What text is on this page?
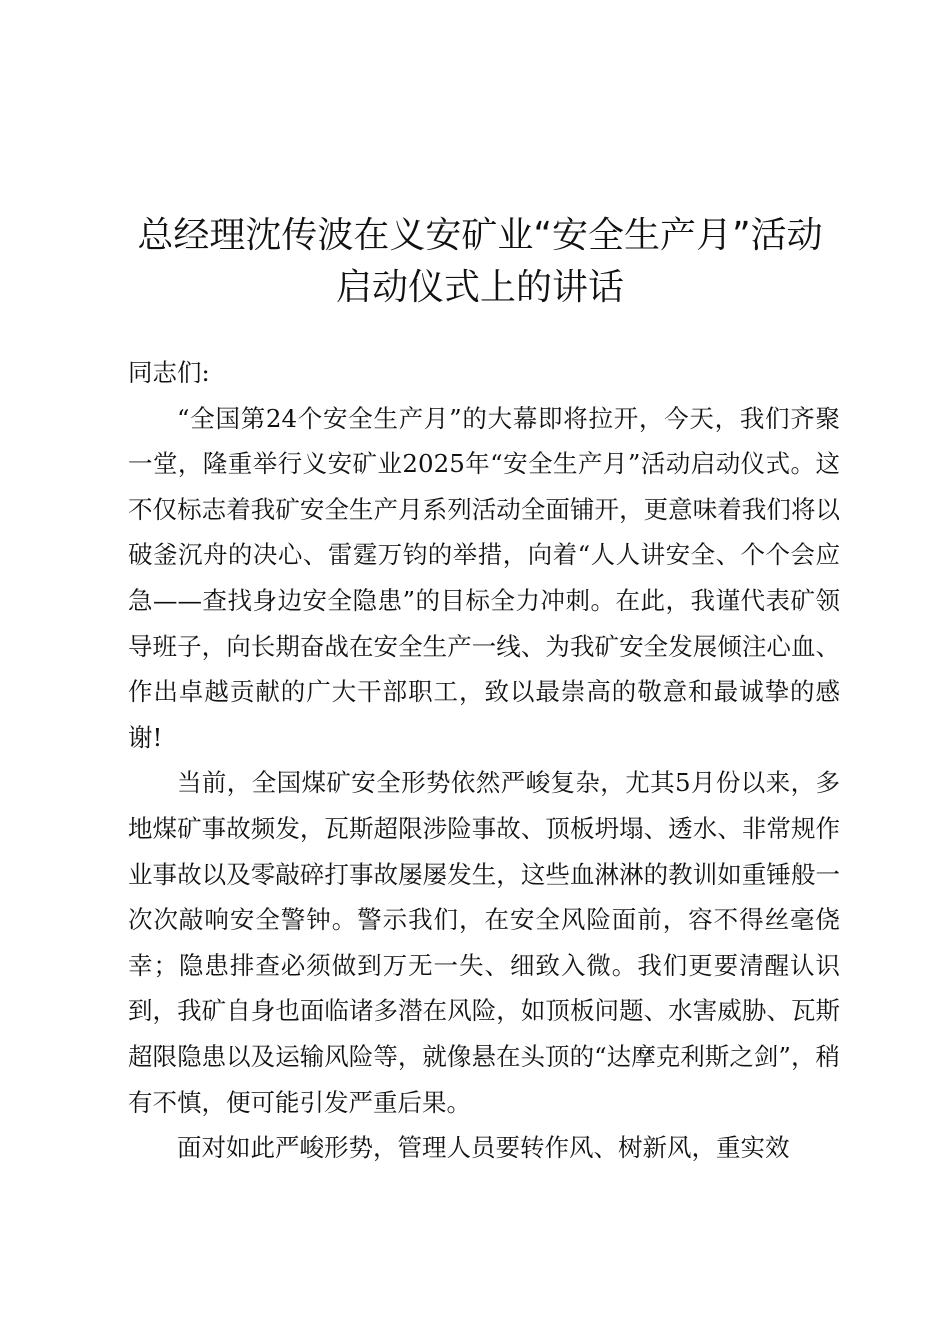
总经理沈传波在义安矿业“安全生产月”活动
启动仪式上的讲话

同志们:

“全国第24个安全生产月”的大幕即将拉开，今天，我们齐聚一堂，隆重举行义安矿业2025年“安全生产月”活动启动仪式。这不仅标志着我矿安全生产月系列活动全面铺开，更意味着我们将以破釜沉舟的决心、雷霆万钧的举措，向着“人人讲安全、个个会应急——查找身边安全隐患”的目标全力冲刺。在此，我谨代表矿领导班子，向长期奋战在安全生产一线、为我矿安全发展倾注心血、作出卓越贡献的广大干部职工，致以最崇高的敬意和最诚挚的感谢!

当前，全国煤矿安全形势依然严峻复杂，尤其5月份以来，多地煤矿事故频发，瓦斯超限涉险事故、顶板坍塌、透水、非常规作业事故以及零敲碎打事故屡屡发生，这些血淋淋的教训如重锤般一次次敲响安全警钟。警示我们，在安全风险面前，容不得丝毫侥幸；隐患排查必须做到万无一失、细致入微。我们更要清醒认识到，我矿自身也面临诸多潜在风险，如顶板问题、水害威胁、瓦斯超限隐患以及运输风险等，就像悬在头顶的“达摩克利斯之剑”，稍有不慎，便可能引发严重后果。

面对如此严峻形势，管理人员要转作风、树新风，重实效
